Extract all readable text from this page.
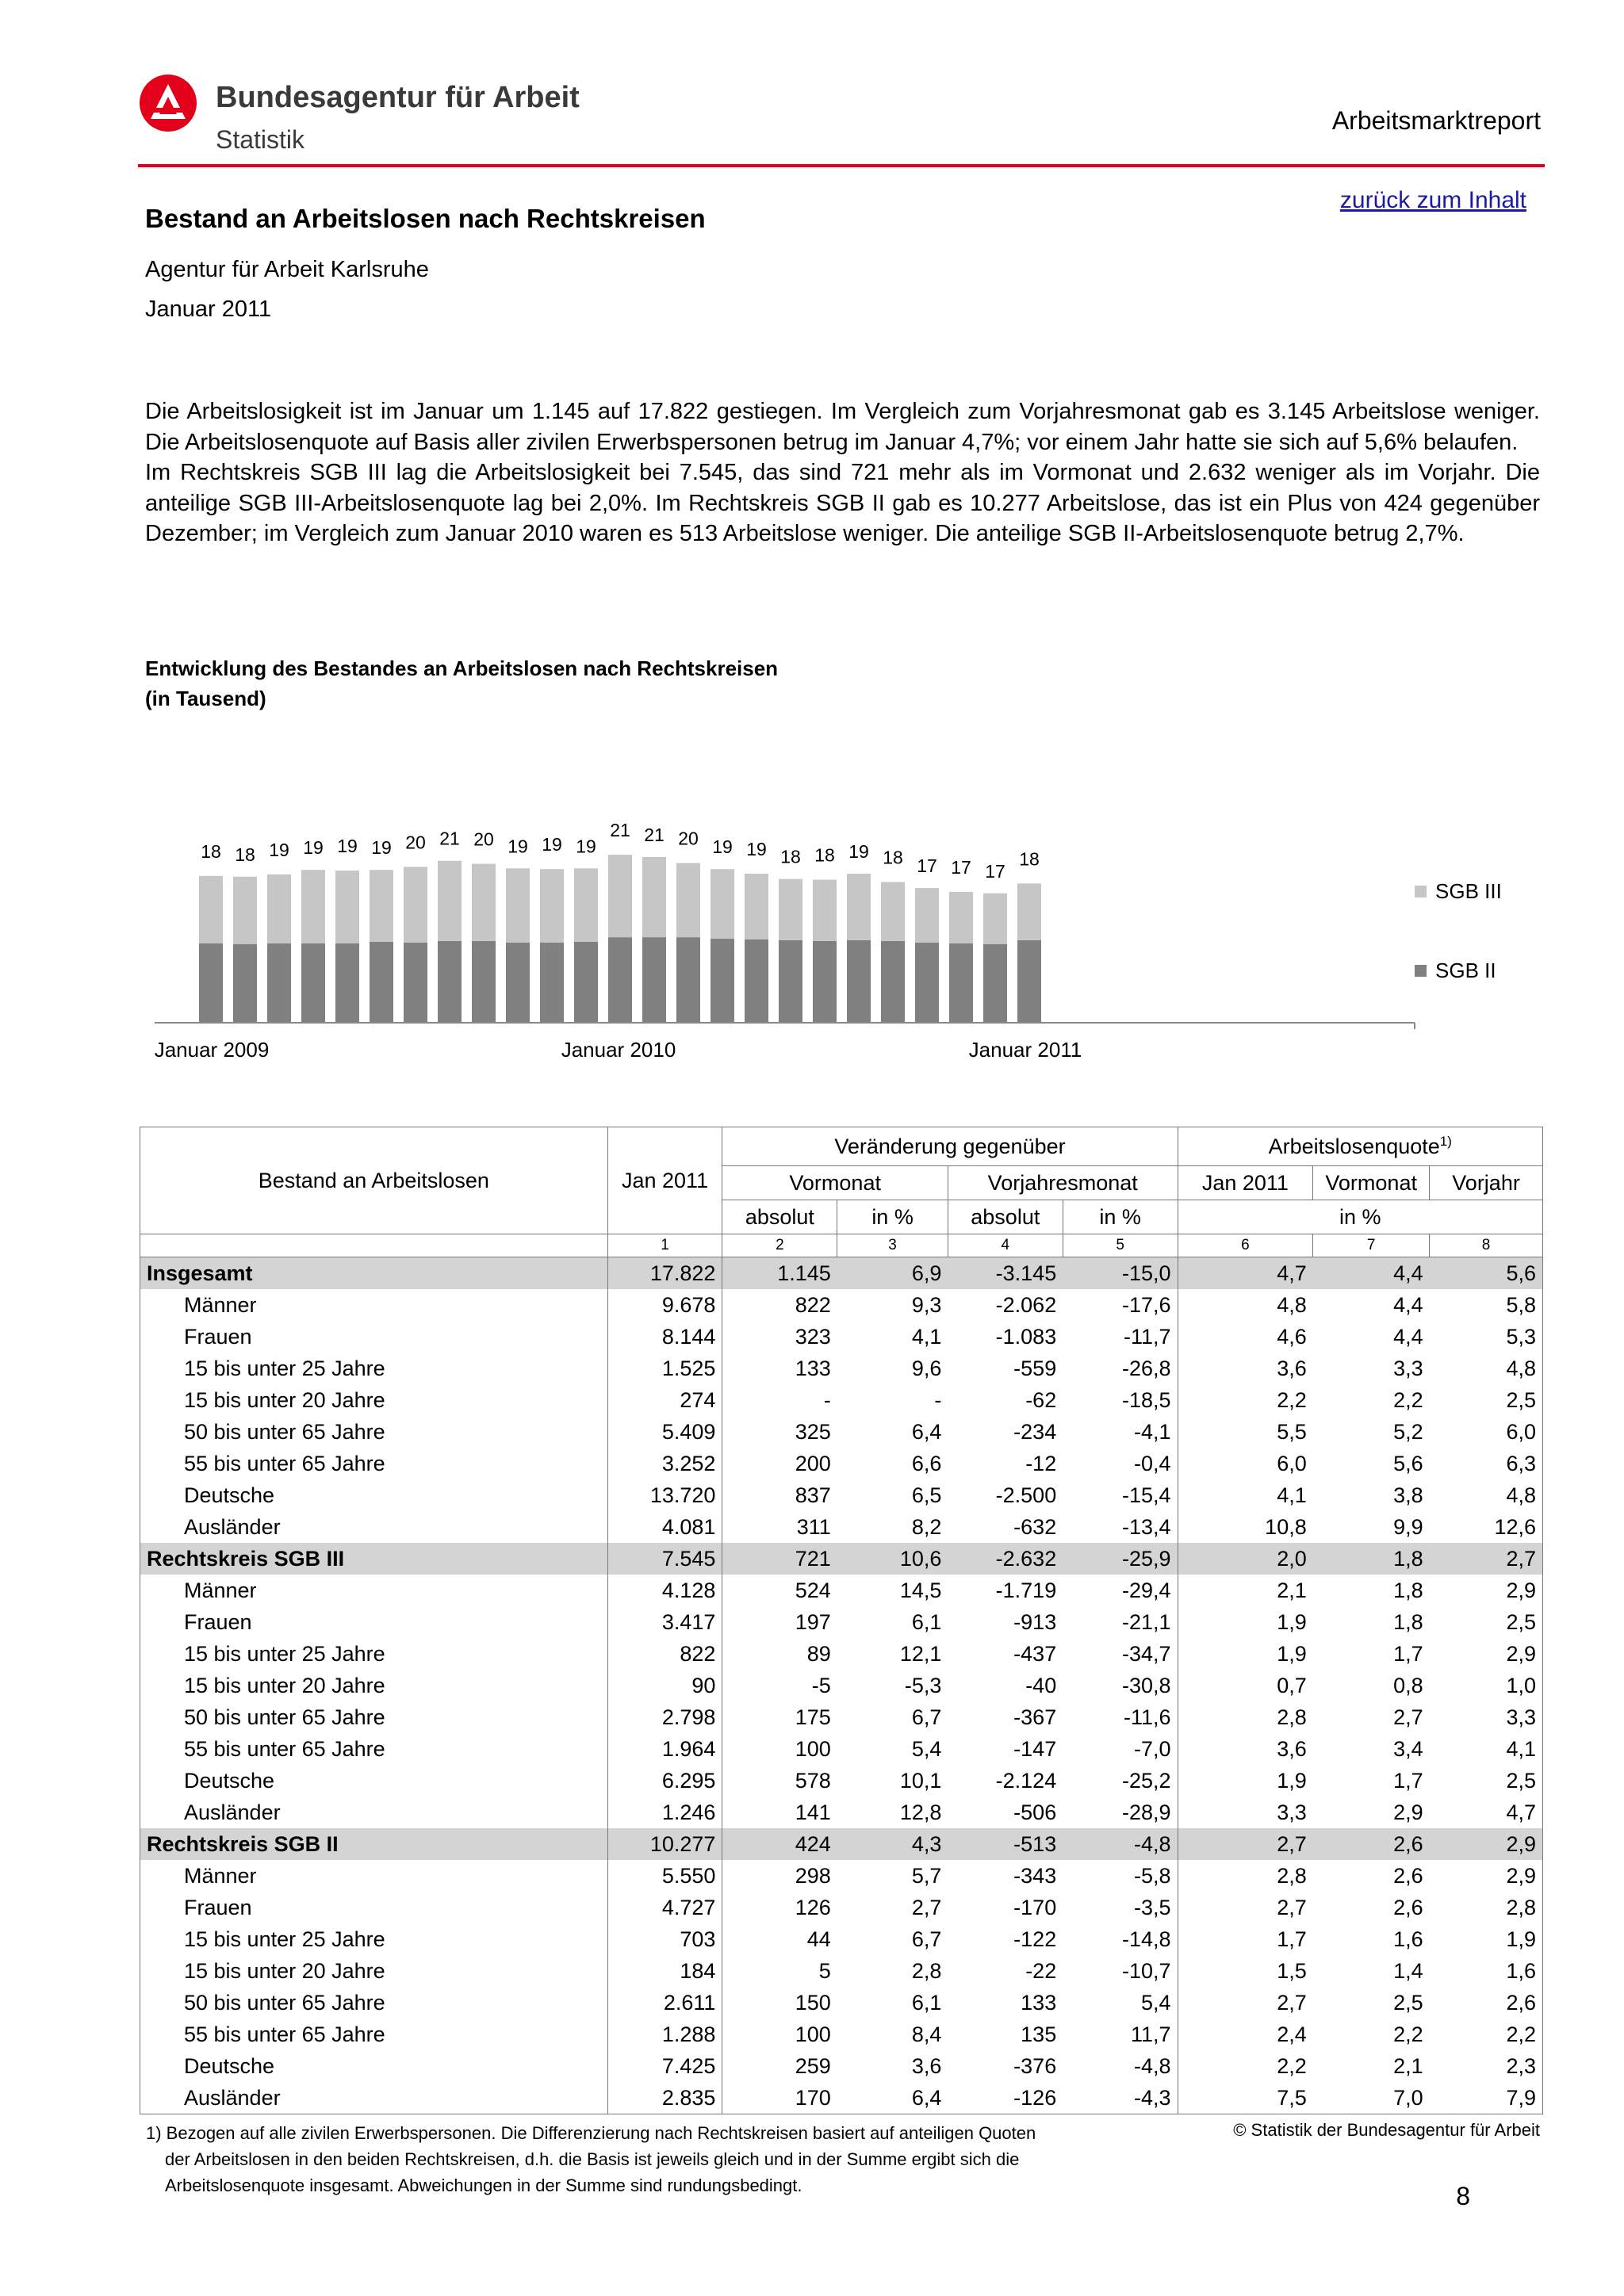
Bundesagentur für Arbeit
Statistik
Arbeitsmarktreport
zurück zum Inhalt
Bestand an Arbeitslosen nach Rechtskreisen
Agentur für Arbeit Karlsruhe
Januar 2011

Die Arbeitslosigkeit ist im Januar um 1.145 auf 17.822 gestiegen. Im Vergleich zum Vorjahresmonat gab es 3.145 Arbeitslose weniger. Die Arbeitslosenquote auf Basis aller zivilen Erwerbspersonen betrug im Januar 4,7%; vor einem Jahr hatte sie sich auf 5,6% belaufen.

Im Rechtskreis SGB III lag die Arbeitslosigkeit bei 7.545, das sind 721 mehr als im Vormonat und 2.632 weniger als im Vorjahr. Die anteilige SGB III-Arbeitslosenquote lag bei 2,0%. Im Rechtskreis SGB II gab es 10.277 Arbeitslose, das ist ein Plus von 424 gegenüber Dezember; im Vergleich zum Januar 2010 waren es 513 Arbeitslose weniger. Die anteilige SGB II-Arbeitslosenquote betrug 2,7%.

Entwicklung des Bestandes an Arbeitslosen nach Rechtskreisen
(in Tausend)
18 18 19 19 19 19 20 21 20 19 19 19
21 21 20 19 19 18 18 19 18 17 17 17
18
Januar 2009	Januar 2010	Januar 2011
SGB III
SGB II
Bestand an Arbeitslosen	Jan 2011	Veränderung gegenüber				Arbeitslosenquote$^{1)}$
		Vormonat		Vorjahresmonat		Jan 2011	Vormonat	Vorjahr
		absolut	in %	absolut	in %	in %		
	1	2	3	4	5	6	7	8
Insgesamt	17.822	1.145	6,9	-3.145	-15,0	4,7	4,4	5,6
Männer	9.678	822	9,3	-2.062	-17,6	4,8	4,4	5,8
Frauen	8.144	323	4,1	-1.083	-11,7	4,6	4,4	5,3
15 bis unter 25 Jahre	1.525	133	9,6	-559	-26,8	3,6	3,3	4,8
15 bis unter 20 Jahre	274	-	-	-62	-18,5	2,2	2,2	2,5
50 bis unter 65 Jahre	5.409	325	6,4	-234	-4,1	5,5	5,2	6,0
55 bis unter 65 Jahre	3.252	200	6,6	-12	-0,4	6,0	5,6	6,3
Deutsche	13.720	837	6,5	-2.500	-15,4	4,1	3,8	4,8
Ausländer	4.081	311	8,2	-632	-13,4	10,8	9,9	12,6
Rechtskreis SGB III	7.545	721	10,6	-2.632	-25,9	2,0	1,8	2,7
Männer	4.128	524	14,5	-1.719	-29,4	2,1	1,8	2,9
Frauen	3.417	197	6,1	-913	-21,1	1,9	1,8	2,5
15 bis unter 25 Jahre	822	89	12,1	-437	-34,7	1,9	1,7	2,9
15 bis unter 20 Jahre	90	-5	-5,3	-40	-30,8	0,7	0,8	1,0
50 bis unter 65 Jahre	2.798	175	6,7	-367	-11,6	2,8	2,7	3,3
55 bis unter 65 Jahre	1.964	100	5,4	-147	-7,0	3,6	3,4	4,1
Deutsche	6.295	578	10,1	-2.124	-25,2	1,9	1,7	2,5
Ausländer	1.246	141	12,8	-506	-28,9	3,3	2,9	4,7
Rechtskreis SGB II	10.277	424	4,3	-513	-4,8	2,7	2,6	2,9
Männer	5.550	298	5,7	-343	-5,8	2,8	2,6	2,9
Frauen	4.727	126	2,7	-170	-3,5	2,7	2,6	2,8
15 bis unter 25 Jahre	703	44	6,7	-122	-14,8	1,7	1,6	1,9
15 bis unter 20 Jahre	184	5	2,8	-22	-10,7	1,5	1,4	1,6
50 bis unter 65 Jahre	2.611	150	6,1	133	5,4	2,7	2,5	2,6
55 bis unter 65 Jahre	1.288	100	8,4	135	11,7	2,4	2,2	2,2
Deutsche	7.425	259	3,6	-376	-4,8	2,2	2,1	2,3
Ausländer	2.835	170	6,4	-126	-4,3	7,5	7,0	7,9
1) Bezogen auf alle zivilen Erwerbspersonen. Die Differenzierung nach Rechtskreisen basiert auf anteiligen Quoten
der Arbeitslosen in den beiden Rechtskreisen, d.h. die Basis ist jeweils gleich und in der Summe ergibt sich die
Arbeitslosenquote insgesamt. Abweichungen in der Summe sind rundungsbedingt.
© Statistik der Bundesagentur für Arbeit
8
